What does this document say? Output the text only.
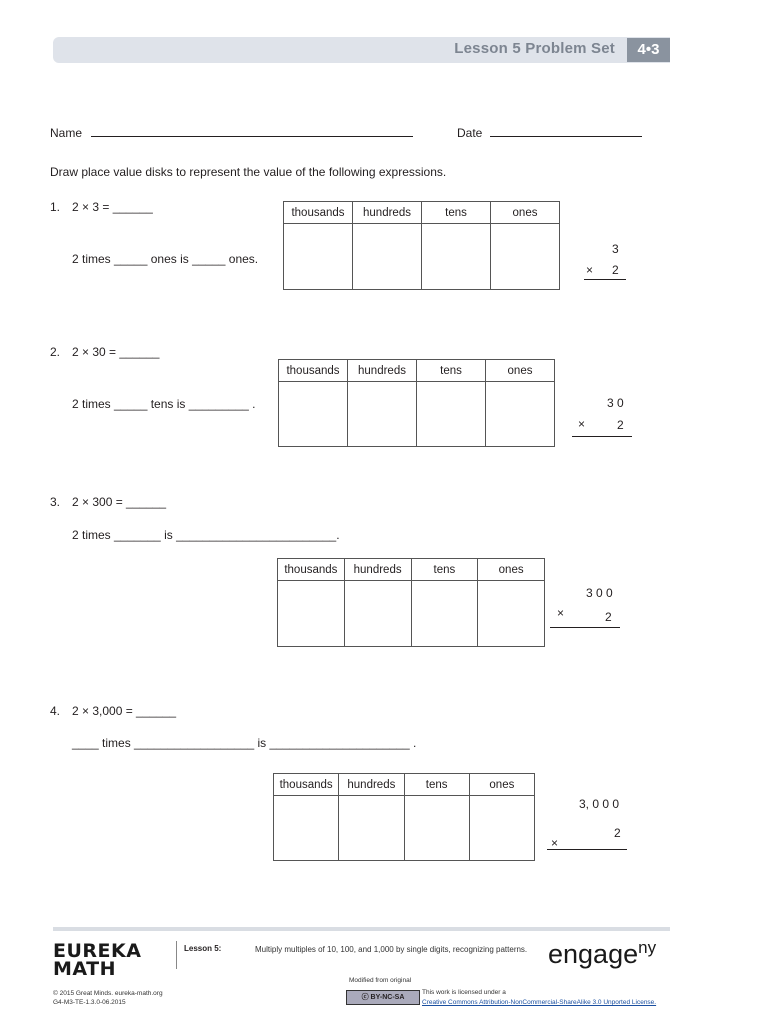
Lesson 5 Problem Set	4•3
Name	Date
Draw place value disks to represent the value of the following expressions.
1. 2 × 3 = ______
2 times _____ ones is _____ ones.
thousands	hundreds	tens	ones

3
× 2
2. 2 × 30 = ______
2 times _____ tens is _________ .
thousands	hundreds	tens	ones

3 0
×	2
3. 2 × 300 = ______
2 times _______ is ________________________.
thousands	hundreds	tens	ones

3 0 0
×	2
4. 2 × 3,000 = ______
____ times __________________ is _____________________ .
thousands	hundreds	tens	ones

3, 0 0 0
2
×
EUREKA
MATH
Lesson 5:	Multiply multiples of 10, 100, and 1,000 by single digits, recognizing patterns. engage$^{ny}$
Modified from original
ⓒ BY-NC-SA
This work is licensed under a
Creative Commons Attribution-NonCommercial-ShareAlike 3.0 Unported License.
© 2015 Great Minds. eureka-math.org
G4-M3-TE-1.3.0-06.2015
